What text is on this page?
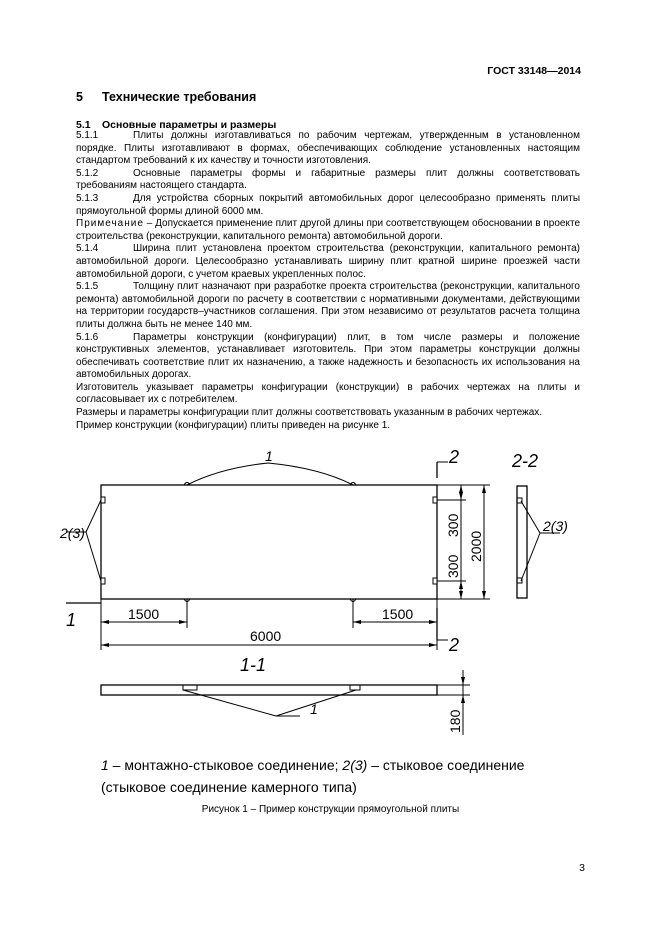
ГОСТ 33148—2014
5 Технические требования
5.1 Основные параметры и размеры

5.1.1	Плиты должны изготавливаться по рабочим чертежам, утвержденным в установленном порядке. Плиты изготавливают в формах, обеспечивающих соблюдение установленных настоящим стандартом требований к их качеству и точности изготовления.

5.1.2	Основные параметры формы и габаритные размеры плит должны соответствовать требованиям настоящего стандарта.

5.1.3	Для устройства сборных покрытий автомобильных дорог целесообразно применять плиты прямоугольной формы длиной 6000 мм.

Примечание – Допускается применение плит другой длины при соответствующем обосновании в проекте строительства (реконструкции, капитального ремонта) автомобильной дороги.

5.1.4	Ширина плит установлена проектом строительства (реконструкции, капитального ремонта) автомобильной дороги. Целесообразно устанавливать ширину плит кратной ширине проезжей части автомобильной дороги, с учетом краевых укрепленных полос.

5.1.5	Толщину плит назначают при разработке проекта строительства (реконструкции, капитального ремонта) автомобильной дороги по расчету в соответствии с нормативными документами, действующими на территории государств–участников соглашения. При этом независимо от результатов расчета толщина плиты должна быть не менее 140 мм.

5.1.6	Параметры конструкции (конфигурации) плит, в том числе размеры и положение конструктивных элементов, устанавливает изготовитель. При этом параметры конструкции должны обеспечивать соответствие плит их назначению, а также надежность и безопасность их использования на автомобильных дорогах.

Изготовитель указывает параметры конфигурации (конструкции) в рабочих чертежах на плиты и согласовывает их с потребителем.

Размеры и параметры конфигурации плит должны соответствовать указанным в рабочих чертежах.

Пример конструкции (конфигурации) плиты приведен на рисунке 1.

1
2(3)	2(3)
2
2
2-2
1
1-1
1
1500	1500
6000
300
300
2000
180
1 – монтажно-стыковое соединение; 2(3) – стыковое соединение
(стыковое соединение камерного типа)
Рисунок 1 – Пример конструкции прямоугольной плиты
3
